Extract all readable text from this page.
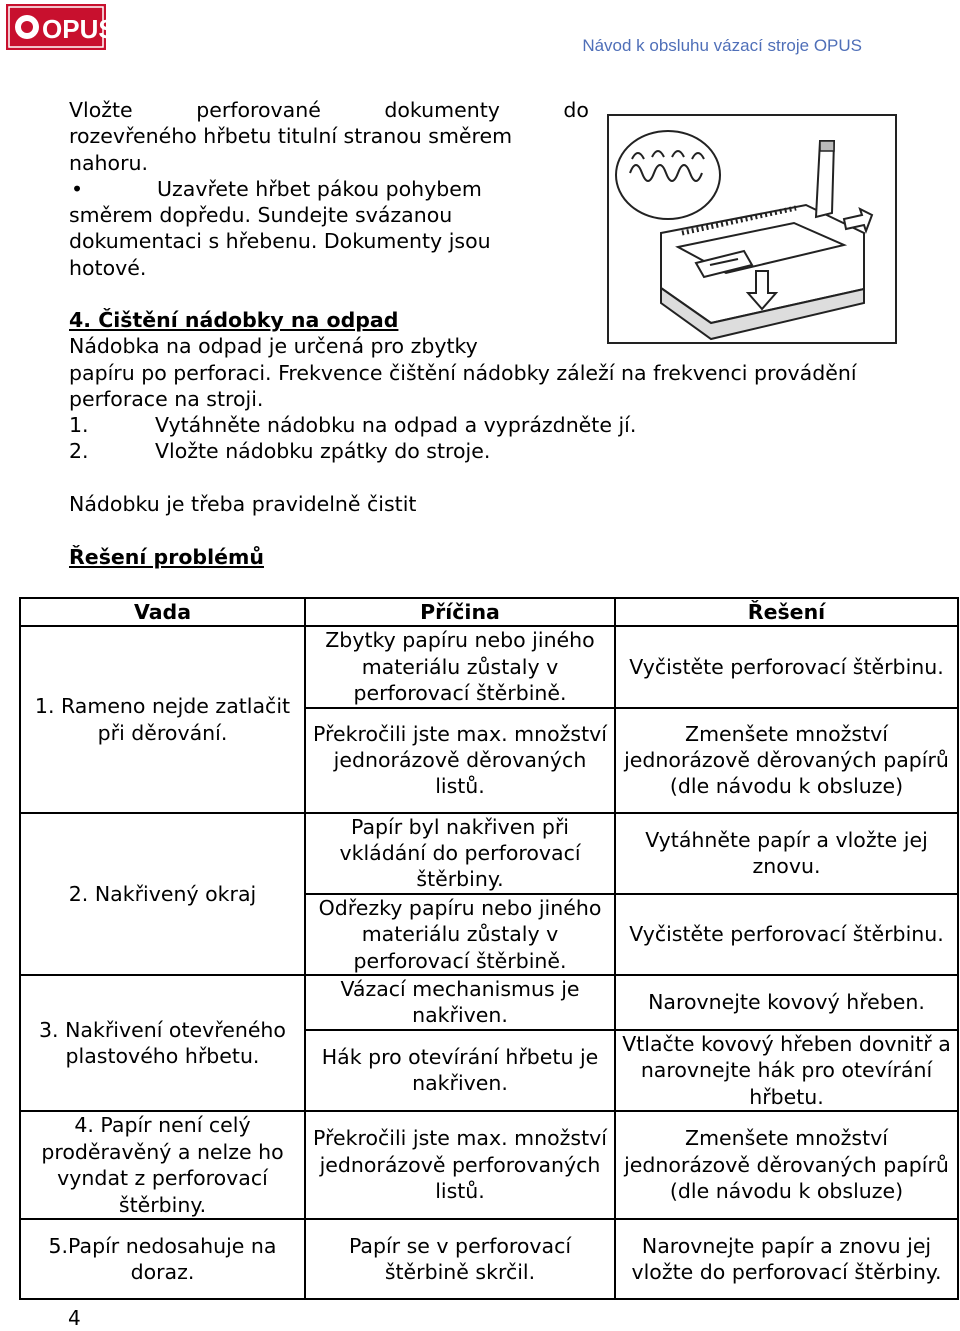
OPUS
Návod k obsluhu vázací stroje OPUS
Vložte	perforované	dokumenty	do
rozevřeného hřbetu titulní stranou směrem
nahoru.
•	Uzavřete hřbet pákou pohybem
směrem dopředu. Sundejte svázanou
dokumentaci s hřebenu. Dokumenty jsou
hotové.
4. Čištění nádobky na odpad
Nádobka na odpad je určená pro zbytky
papíru po perforaci. Frekvence čištění nádobky záleží na frekvenci provádění
perforace na stroji.
1.	Vytáhněte nádobku na odpad a vyprázdněte jí.
2.	Vložte nádobku zpátky do stroje.
Nádobku je třeba pravidelně čistit
Řešení problémů
Vada	Příčina	Řešení
1. Rameno nejde zatlačit při děrování.	Zbytky papíru nebo jiného materiálu zůstaly v perforovací štěrbině.	Vyčistěte perforovací štěrbinu.
	Překročili jste max. množství jednorázově děrovaných listů.	Zmenšete množství jednorázově děrovaných papírů (dle návodu k obsluze)
2. Nakřivený okraj	Papír byl nakřiven při vkládání do perforovací štěrbiny.	Vytáhněte papír a vložte jej znovu.
	Odřezky papíru nebo jiného materiálu zůstaly v perforovací štěrbině.	Vyčistěte perforovací štěrbinu.
3. Nakřivení otevřeného plastového hřbetu.	Vázací mechanismus je nakřiven.	Narovnejte kovový hřeben.
	Hák pro otevírání hřbetu je nakřiven.	Vtlačte kovový hřeben dovnitř a narovnejte hák pro otevírání hřbetu.
4. Papír není celý proděravěný a nelze ho vyndat z perforovací štěrbiny.	Překročili jste max. množství jednorázově perforovaných listů.	Zmenšete množství jednorázově děrovaných papírů (dle návodu k obsluze)
5.Papír nedosahuje na doraz.	Papír se v perforovací štěrbině skrčil.	Narovnejte papír a znovu jej vložte do perforovací štěrbiny.
4
